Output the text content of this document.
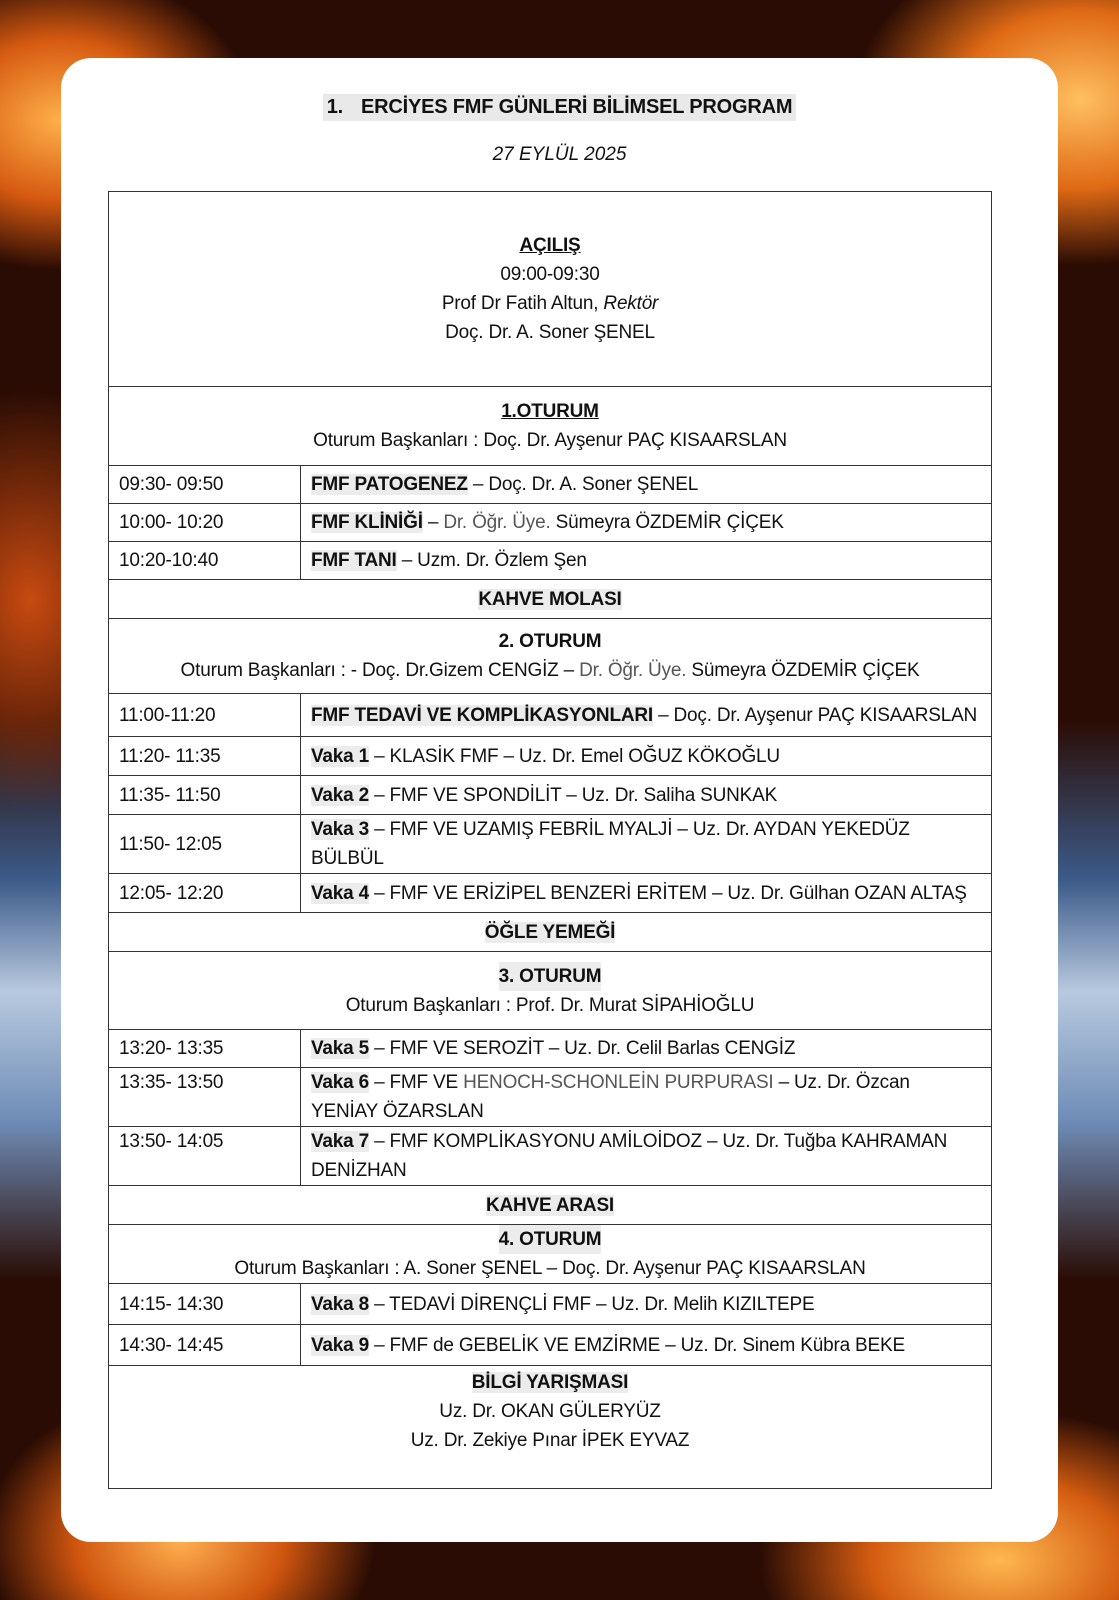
1. ERCİYES FMF GÜNLERİ BİLİMSEL PROGRAM
27 EYLÜL 2025
AÇILIŞ
09:00-09:30
Prof Dr Fatih Altun, Rektör
Doç. Dr. A. Soner ŞENEL	

1.OTURUM
Oturum Başkanları : Doç. Dr. Ayşenur PAÇ KISAARSLAN	

09:30- 09:50	FMF PATOGENEZ – Doç. Dr. A. Soner ŞENEL
10:00- 10:20	FMF KLİNİĞİ – Dr. Öğr. Üye. Sümeyra ÖZDEMİR ÇİÇEK
10:20-10:40	FMF TANI – Uzm. Dr. Özlem Şen
KAHVE MOLASI	

2. OTURUM
Oturum Başkanları : - Doç. Dr.Gizem CENGİZ – Dr. Öğr. Üye. Sümeyra ÖZDEMİR ÇİÇEK	

11:00-11:20	FMF TEDAVİ VE KOMPLİKASYONLARI – Doç. Dr. Ayşenur PAÇ KISAARSLAN
11:20- 11:35	Vaka 1 – KLASİK FMF – Uz. Dr. Emel OĞUZ KÖKOĞLU
11:35- 11:50	Vaka 2 – FMF VE SPONDİLİT – Uz. Dr. Saliha SUNKAK
11:50- 12:05	Vaka 3 – FMF VE UZAMIŞ FEBRİL MYALJİ – Uz. Dr. AYDAN YEKEDÜZ BÜLBÜL
12:05- 12:20	Vaka 4 – FMF VE ERİZİPEL BENZERİ ERİTEM – Uz. Dr. Gülhan OZAN ALTAŞ
ÖĞLE YEMEĞİ	
3. OTURUM
Oturum Başkanları : Prof. Dr. Murat SİPAHİOĞLU	

13:20- 13:35	Vaka 5 – FMF VE SEROZİT – Uz. Dr. Celil Barlas CENGİZ
13:35- 13:50	Vaka 6 – FMF VE HENOCH-SCHONLEİN PURPURASI – Uz. Dr. Özcan YENİAY ÖZARSLAN
13:50- 14:05	Vaka 7 – FMF KOMPLİKASYONU AMİLOİDOZ – Uz. Dr. Tuğba KAHRAMAN DENİZHAN
KAHVE ARASI	
4. OTURUM
Oturum Başkanları : A. Soner ŞENEL – Doç. Dr. Ayşenur PAÇ KISAARSLAN	

14:15- 14:30	Vaka 8 – TEDAVİ DİRENÇLİ FMF – Uz. Dr. Melih KIZILTEPE
14:30- 14:45	Vaka 9 – FMF de GEBELİK VE EMZİRME – Uz. Dr. Sinem Kübra BEKE

BİLGİ YARIŞMASI
Uz. Dr. OKAN GÜLERYÜZ
Uz. Dr. Zekiye Pınar İPEK EYVAZ	
